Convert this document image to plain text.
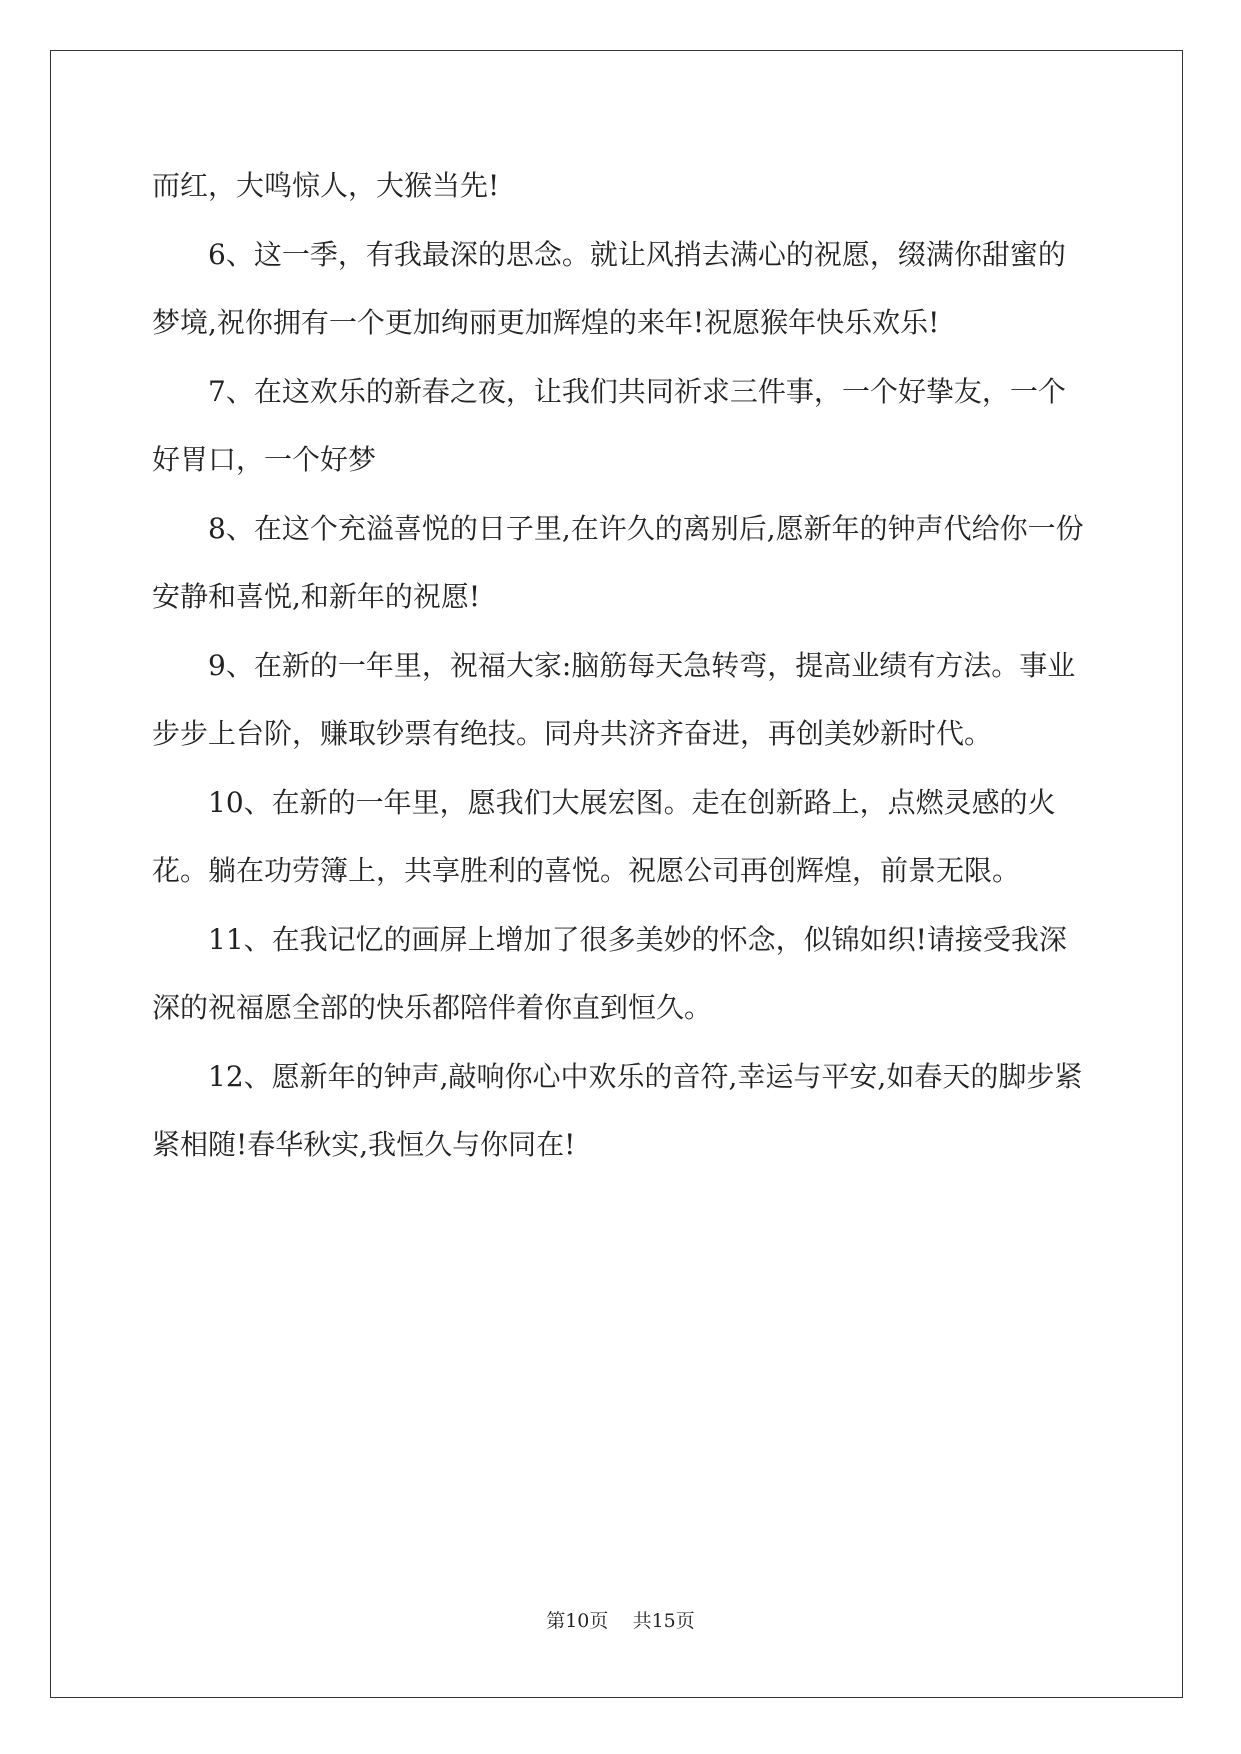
而红，大鸣惊人，大猴当先!

6、这一季，有我最深的思念。就让风捎去满心的祝愿，缀满你甜蜜的梦境,祝你拥有一个更加绚丽更加辉煌的来年!祝愿猴年快乐欢乐!

7、在这欢乐的新春之夜，让我们共同祈求三件事，一个好挚友，一个好胃口，一个好梦

8、在这个充溢喜悦的日子里,在许久的离别后,愿新年的钟声代给你一份安静和喜悦,和新年的祝愿!

9、在新的一年里，祝福大家:脑筋每天急转弯，提高业绩有方法。事业步步上台阶，赚取钞票有绝技。同舟共济齐奋进，再创美妙新时代。

10、在新的一年里，愿我们大展宏图。走在创新路上，点燃灵感的火花。躺在功劳簿上，共享胜利的喜悦。祝愿公司再创辉煌，前景无限。

11、在我记忆的画屏上增加了很多美妙的怀念，似锦如织!请接受我深深的祝福愿全部的快乐都陪伴着你直到恒久。

12、愿新年的钟声,敲响你心中欢乐的音符,幸运与平安,如春天的脚步紧紧相随!春华秋实,我恒久与你同在!

第10页 共15页
